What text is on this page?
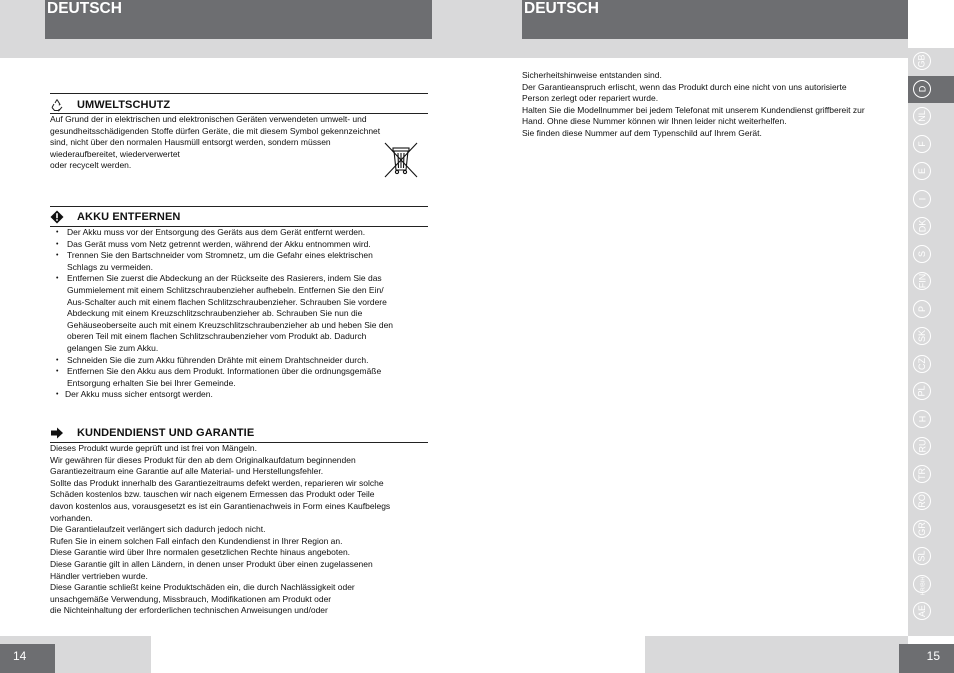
DEUTSCH	DEUTSCH
GB
D
NL
F
E
I
DK
S
FIN
P
SK
CZ
PL
H
RU
TR
RO
GR
SL
HR/BIH
AE
14	15
UMWELTSCHUTZ
Auf Grund der in elektrischen und elektronischen Geräten verwendeten umwelt- und
gesundheitsschädigenden Stoffe dürfen Geräte, die mit diesem Symbol gekennzeichnet
sind, nicht über den normalen Hausmüll entsorgt werden, sondern müssen
wiederaufbereitet, wiederverwertet
oder recycelt werden.
AKKU ENTFERNEN
• Der Akku muss vor der Entsorgung des Geräts aus dem Gerät entfernt werden.
• Das Gerät muss vom Netz getrennt werden, während der Akku entnommen wird.
• Trennen Sie den Bartschneider vom Stromnetz, um die Gefahr eines elektrischen
Schlags zu vermeiden.
• Entfernen Sie zuerst die Abdeckung an der Rückseite des Rasierers, indem Sie das
Gummielement mit einem Schlitzschraubenzieher aufhebeln. Entfernen Sie den Ein/
Aus-Schalter auch mit einem flachen Schlitzschraubenzieher. Schrauben Sie vordere
Abdeckung mit einem Kreuzschlitzschraubenzieher ab. Schrauben Sie nun die
Gehäuseoberseite auch mit einem Kreuzschlitzschraubenzieher ab und heben Sie den
oberen Teil mit einem flachen Schlitzschraubenzieher vom Produkt ab. Dadurch
gelangen Sie zum Akku.
• Schneiden Sie die zum Akku führenden Drähte mit einem Drahtschneider durch.
• Entfernen Sie den Akku aus dem Produkt. Informationen über die ordnungsgemäße
Entsorgung erhalten Sie bei Ihrer Gemeinde.
• Der Akku muss sicher entsorgt werden.
KUNDENDIENST UND GARANTIE
Dieses Produkt wurde geprüft und ist frei von Mängeln.
Wir gewähren für dieses Produkt für den ab dem Originalkaufdatum beginnenden
Garantiezeitraum eine Garantie auf alle Material- und Herstellungsfehler.
Sollte das Produkt innerhalb des Garantiezeitraums defekt werden, reparieren wir solche
Schäden kostenlos bzw. tauschen wir nach eigenem Ermessen das Produkt oder Teile
davon kostenlos aus, vorausgesetzt es ist ein Garantienachweis in Form eines Kaufbelegs
vorhanden.
Die Garantielaufzeit verlängert sich dadurch jedoch nicht.
Rufen Sie in einem solchen Fall einfach den Kundendienst in Ihrer Region an.
Diese Garantie wird über Ihre normalen gesetzlichen Rechte hinaus angeboten.
Diese Garantie gilt in allen Ländern, in denen unser Produkt über einen zugelassenen
Händler vertrieben wurde.
Diese Garantie schließt keine Produktschäden ein, die durch Nachlässigkeit oder
unsachgemäße Verwendung, Missbrauch, Modifikationen am Produkt oder
die Nichteinhaltung der erforderlichen technischen Anweisungen und/oder
Sicherheitshinweise entstanden sind.
Der Garantieanspruch erlischt, wenn das Produkt durch eine nicht von uns autorisierte
Person zerlegt oder repariert wurde.
Halten Sie die Modellnummer bei jedem Telefonat mit unserem Kundendienst griffbereit zur
Hand. Ohne diese Nummer können wir Ihnen leider nicht weiterhelfen.
Sie finden diese Nummer auf dem Typenschild auf Ihrem Gerät.
